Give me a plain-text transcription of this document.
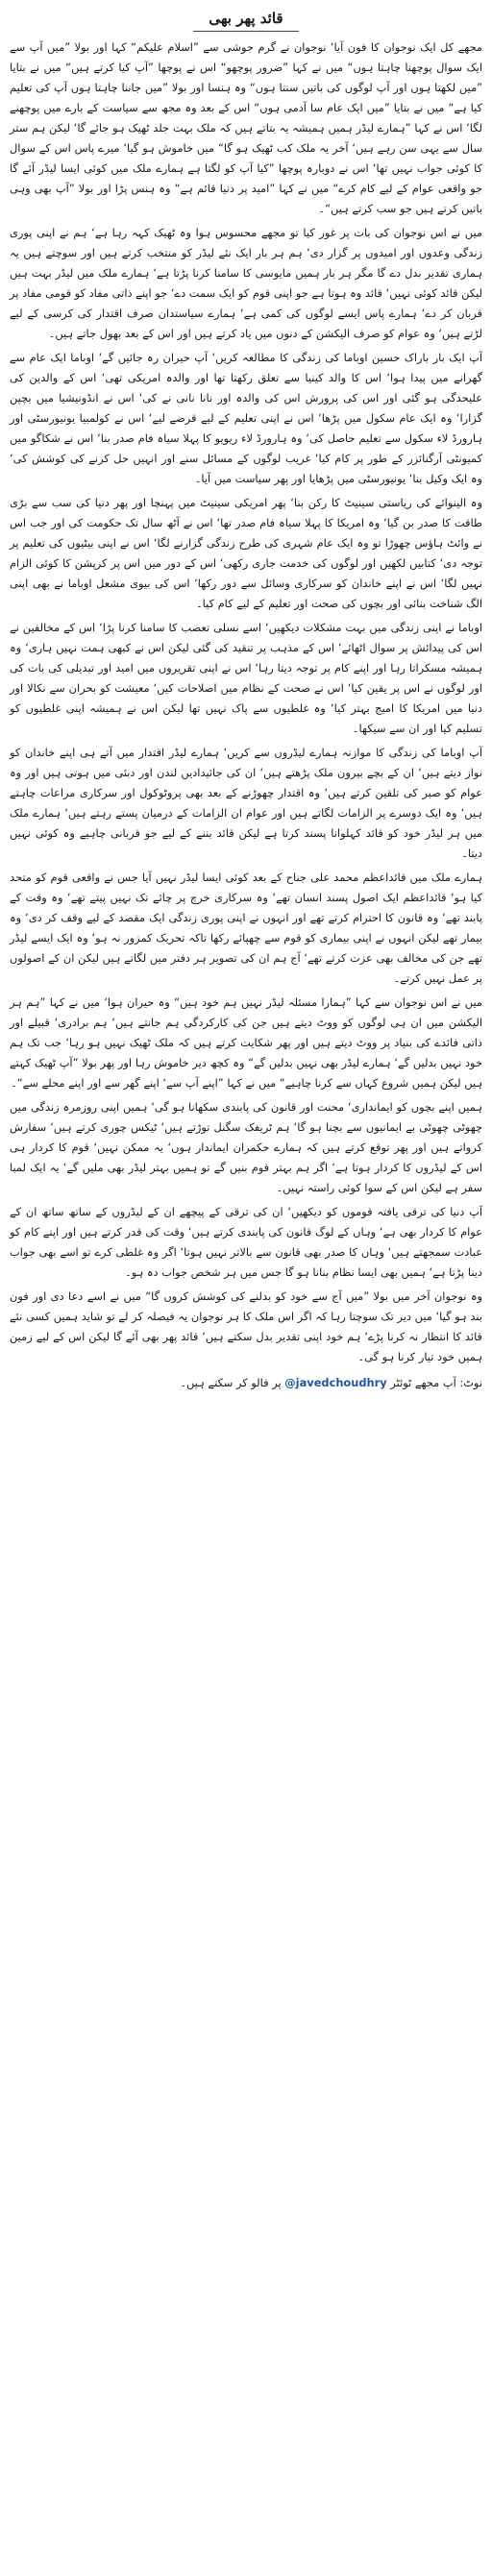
قائد پھر بھی

مجھے کل ایک نوجوان کا فون آیا‘ نوجوان نے گرم جوشی سے ”اسلام علیکم“ کہا اور بولا ”میں آپ سے ایک سوال پوچھنا چاہتا ہوں“ میں نے کہا ”ضرور پوچھو“ اس نے پوچھا ”آپ کیا کرتے ہیں“ میں نے بتایا ”میں لکھتا ہوں اور آپ لوگوں کی باتیں سنتا ہوں“ وہ ہنسا اور بولا ”میں جاننا چاہتا ہوں آپ کی تعلیم کیا ہے“ میں نے بتایا ”میں ایک عام سا آدمی ہوں“ اس کے بعد وہ مجھ سے سیاست کے بارے میں پوچھنے لگا‘ اس نے کہا ”ہمارے لیڈر ہمیں ہمیشہ یہ بتاتے ہیں کہ ملک بہت جلد ٹھیک ہو جائے گا‘ لیکن ہم ستر سال سے یہی سن رہے ہیں‘ آخر یہ ملک کب ٹھیک ہو گا“ میں خاموش ہو گیا‘ میرے پاس اس کے سوال کا کوئی جواب نہیں تھا‘ اس نے دوبارہ پوچھا ”کیا آپ کو لگتا ہے ہمارے ملک میں کوئی ایسا لیڈر آئے گا جو واقعی عوام کے لیے کام کرے“ میں نے کہا ”امید پر دنیا قائم ہے“ وہ ہنس پڑا اور بولا ”آپ بھی وہی باتیں کرتے ہیں جو سب کرتے ہیں“۔

میں نے اس نوجوان کی بات پر غور کیا تو مجھے محسوس ہوا وہ ٹھیک کہہ رہا ہے‘ ہم نے اپنی پوری زندگی وعدوں اور امیدوں پر گزار دی‘ ہم ہر بار ایک نئے لیڈر کو منتخب کرتے ہیں اور سوچتے ہیں یہ ہماری تقدیر بدل دے گا مگر ہر بار ہمیں مایوسی کا سامنا کرنا پڑتا ہے‘ ہمارے ملک میں لیڈر بہت ہیں لیکن قائد کوئی نہیں‘ قائد وہ ہوتا ہے جو اپنی قوم کو ایک سمت دے‘ جو اپنے ذاتی مفاد کو قومی مفاد پر قربان کر دے‘ ہمارے پاس ایسے لوگوں کی کمی ہے‘ ہمارے سیاستدان صرف اقتدار کی کرسی کے لیے لڑتے ہیں‘ وہ عوام کو صرف الیکشن کے دنوں میں یاد کرتے ہیں اور اس کے بعد بھول جاتے ہیں۔

آپ ایک بار باراک حسین اوباما کی زندگی کا مطالعہ کریں‘ آپ حیران رہ جائیں گے‘ اوباما ایک عام سے گھرانے میں پیدا ہوا‘ اس کا والد کینیا سے تعلق رکھتا تھا اور والدہ امریکی تھی‘ اس کے والدین کی علیحدگی ہو گئی اور اس کی پرورش اس کی والدہ اور نانا نانی نے کی‘ اس نے انڈونیشیا میں بچپن گزارا‘ وہ ایک عام سکول میں پڑھا‘ اس نے اپنی تعلیم کے لیے قرضے لیے‘ اس نے کولمبیا یونیورسٹی اور ہارورڈ لاء سکول سے تعلیم حاصل کی‘ وہ ہارورڈ لاء ریویو کا پہلا سیاہ فام صدر بنا‘ اس نے شکاگو میں کمیونٹی آرگنائزر کے طور پر کام کیا‘ غریب لوگوں کے مسائل سنے اور انہیں حل کرنے کی کوشش کی‘ وہ ایک وکیل بنا‘ یونیورسٹی میں پڑھایا اور پھر سیاست میں آیا۔

وہ الینوائے کی ریاستی سینیٹ کا رکن بنا‘ پھر امریکی سینیٹ میں پہنچا اور پھر دنیا کی سب سے بڑی طاقت کا صدر بن گیا‘ وہ امریکا کا پہلا سیاہ فام صدر تھا‘ اس نے آٹھ سال تک حکومت کی اور جب اس نے وائٹ ہاؤس چھوڑا تو وہ ایک عام شہری کی طرح زندگی گزارنے لگا‘ اس نے اپنی بیٹیوں کی تعلیم پر توجہ دی‘ کتابیں لکھیں اور لوگوں کی خدمت جاری رکھی‘ اس کے دور میں اس پر کرپشن کا کوئی الزام نہیں لگا‘ اس نے اپنے خاندان کو سرکاری وسائل سے دور رکھا‘ اس کی بیوی مشعل اوباما نے بھی اپنی الگ شناخت بنائی اور بچوں کی صحت اور تعلیم کے لیے کام کیا۔

اوباما نے اپنی زندگی میں بہت مشکلات دیکھیں‘ اسے نسلی تعصب کا سامنا کرنا پڑا‘ اس کے مخالفین نے اس کی پیدائش پر سوال اٹھائے‘ اس کے مذہب پر تنقید کی گئی لیکن اس نے کبھی ہمت نہیں ہاری‘ وہ ہمیشہ مسکراتا رہا اور اپنے کام پر توجہ دیتا رہا‘ اس نے اپنی تقریروں میں امید اور تبدیلی کی بات کی اور لوگوں نے اس پر یقین کیا‘ اس نے صحت کے نظام میں اصلاحات کیں‘ معیشت کو بحران سے نکالا اور دنیا میں امریکا کا امیج بہتر کیا‘ وہ غلطیوں سے پاک نہیں تھا لیکن اس نے ہمیشہ اپنی غلطیوں کو تسلیم کیا اور ان سے سیکھا۔

آپ اوباما کی زندگی کا موازنہ ہمارے لیڈروں سے کریں‘ ہمارے لیڈر اقتدار میں آتے ہی اپنے خاندان کو نواز دیتے ہیں‘ ان کے بچے بیرون ملک پڑھتے ہیں‘ ان کی جائیدادیں لندن اور دبئی میں ہوتی ہیں اور وہ عوام کو صبر کی تلقین کرتے ہیں‘ وہ اقتدار چھوڑنے کے بعد بھی پروٹوکول اور سرکاری مراعات چاہتے ہیں‘ وہ ایک دوسرے پر الزامات لگاتے ہیں اور عوام ان الزامات کے درمیان پستے رہتے ہیں‘ ہمارے ملک میں ہر لیڈر خود کو قائد کہلوانا پسند کرتا ہے لیکن قائد بننے کے لیے جو قربانی چاہیے وہ کوئی نہیں دیتا۔

ہمارے ملک میں قائداعظم محمد علی جناح کے بعد کوئی ایسا لیڈر نہیں آیا جس نے واقعی قوم کو متحد کیا ہو‘ قائداعظم ایک اصول پسند انسان تھے‘ وہ سرکاری خرچ پر چائے تک نہیں پیتے تھے‘ وہ وقت کے پابند تھے‘ وہ قانون کا احترام کرتے تھے اور انہوں نے اپنی پوری زندگی ایک مقصد کے لیے وقف کر دی‘ وہ بیمار تھے لیکن انہوں نے اپنی بیماری کو قوم سے چھپائے رکھا تاکہ تحریک کمزور نہ ہو‘ وہ ایک ایسے لیڈر تھے جن کی مخالف بھی عزت کرتے تھے‘ آج ہم ان کی تصویر ہر دفتر میں لگاتے ہیں لیکن ان کے اصولوں پر عمل نہیں کرتے۔

میں نے اس نوجوان سے کہا ”ہمارا مسئلہ لیڈر نہیں ہم خود ہیں“ وہ حیران ہوا‘ میں نے کہا ”ہم ہر الیکشن میں ان ہی لوگوں کو ووٹ دیتے ہیں جن کی کارکردگی ہم جانتے ہیں‘ ہم برادری‘ قبیلے اور ذاتی فائدے کی بنیاد پر ووٹ دیتے ہیں اور پھر شکایت کرتے ہیں کہ ملک ٹھیک نہیں ہو رہا‘ جب تک ہم خود نہیں بدلیں گے‘ ہمارے لیڈر بھی نہیں بدلیں گے“ وہ کچھ دیر خاموش رہا اور پھر بولا ”آپ ٹھیک کہتے ہیں لیکن ہمیں شروع کہاں سے کرنا چاہیے“ میں نے کہا ”اپنے آپ سے‘ اپنے گھر سے اور اپنے محلے سے“۔

ہمیں اپنے بچوں کو ایمانداری‘ محنت اور قانون کی پابندی سکھانا ہو گی‘ ہمیں اپنی روزمرہ زندگی میں چھوٹی چھوٹی بے ایمانیوں سے بچنا ہو گا‘ ہم ٹریفک سگنل توڑتے ہیں‘ ٹیکس چوری کرتے ہیں‘ سفارش کرواتے ہیں اور پھر توقع کرتے ہیں کہ ہمارے حکمران ایماندار ہوں‘ یہ ممکن نہیں‘ قوم کا کردار ہی اس کے لیڈروں کا کردار ہوتا ہے‘ اگر ہم بہتر قوم بنیں گے تو ہمیں بہتر لیڈر بھی ملیں گے‘ یہ ایک لمبا سفر ہے لیکن اس کے سوا کوئی راستہ نہیں۔

آپ دنیا کی ترقی یافتہ قوموں کو دیکھیں‘ ان کی ترقی کے پیچھے ان کے لیڈروں کے ساتھ ساتھ ان کے عوام کا کردار بھی ہے‘ وہاں کے لوگ قانون کی پابندی کرتے ہیں‘ وقت کی قدر کرتے ہیں اور اپنے کام کو عبادت سمجھتے ہیں‘ وہاں کا صدر بھی قانون سے بالاتر نہیں ہوتا‘ اگر وہ غلطی کرے تو اسے بھی جواب دینا پڑتا ہے‘ ہمیں بھی ایسا نظام بنانا ہو گا جس میں ہر شخص جواب دہ ہو۔

وہ نوجوان آخر میں بولا ”میں آج سے خود کو بدلنے کی کوشش کروں گا“ میں نے اسے دعا دی اور فون بند ہو گیا‘ میں دیر تک سوچتا رہا کہ اگر اس ملک کا ہر نوجوان یہ فیصلہ کر لے تو شاید ہمیں کسی نئے قائد کا انتظار نہ کرنا پڑے‘ ہم خود اپنی تقدیر بدل سکتے ہیں‘ قائد پھر بھی آئے گا لیکن اس کے لیے زمین ہمیں خود تیار کرنا ہو گی۔

نوٹ: آپ مجھے ٹوئٹر @javedchoudhry پر فالو کر سکتے ہیں۔
